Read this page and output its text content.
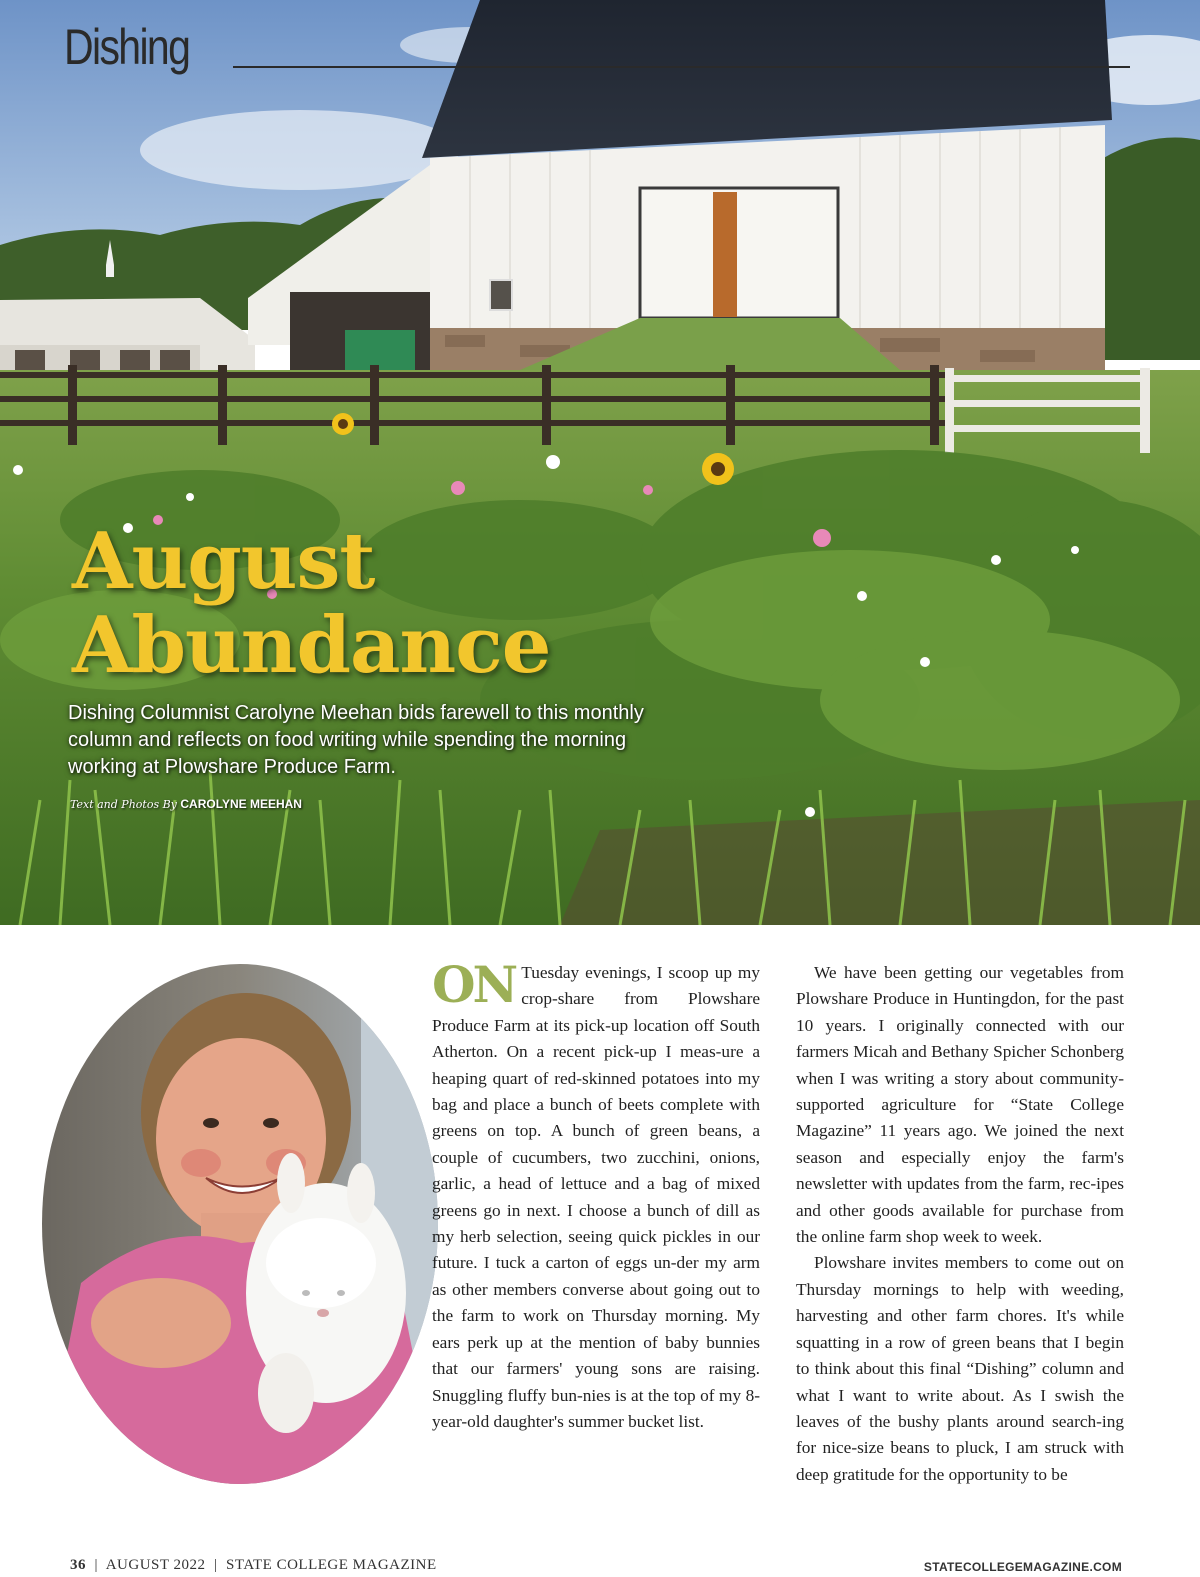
Dishing
August
Abundance
Dishing Columnist Carolyne Meehan bids farewell to this monthly column and reflects on food writing while spending the morning working at Plowshare Produce Farm.
Text and Photos By CAROLYNE MEEHAN
ON Tuesday evenings, I scoop up my crop-share from Plowshare Produce Farm at its pick-up location off South Atherton. On a recent pick-up I meas-ure a heaping quart of red-skinned potatoes into my bag and place a bunch of beets complete with greens on top. A bunch of green beans, a couple of cucumbers, two zucchini, onions, garlic, a head of lettuce and a bag of mixed greens go in next. I choose a bunch of dill as my herb selection, seeing quick pickles in our future. I tuck a carton of eggs un-der my arm as other members converse about going out to the farm to work on Thursday morning. My ears perk up at the mention of baby bunnies that our farmers' young sons are raising. Snuggling fluffy bun-nies is at the top of my 8-year-old daughter's summer bucket list.

We have been getting our vegetables from Plowshare Produce in Huntingdon, for the past 10 years. I originally connected with our farmers Micah and Bethany Spicher Schonberg when I was writing a story about community-supported agriculture for “State College Magazine” 11 years ago. We joined the next season and especially enjoy the farm's newsletter with updates from the farm, rec-ipes and other goods available for purchase from the online farm shop week to week.

Plowshare invites members to come out on Thursday mornings to help with weeding, harvesting and other farm chores. It's while squatting in a row of green beans that I begin to think about this final “Dishing” column and what I want to write about. As I swish the leaves of the bushy plants around search-ing for nice-size beans to pluck, I am struck with deep gratitude for the opportunity to be

36  |  AUGUST 2022  |  STATE COLLEGE MAGAZINE	STATECOLLEGEMAGAZINE.COM
